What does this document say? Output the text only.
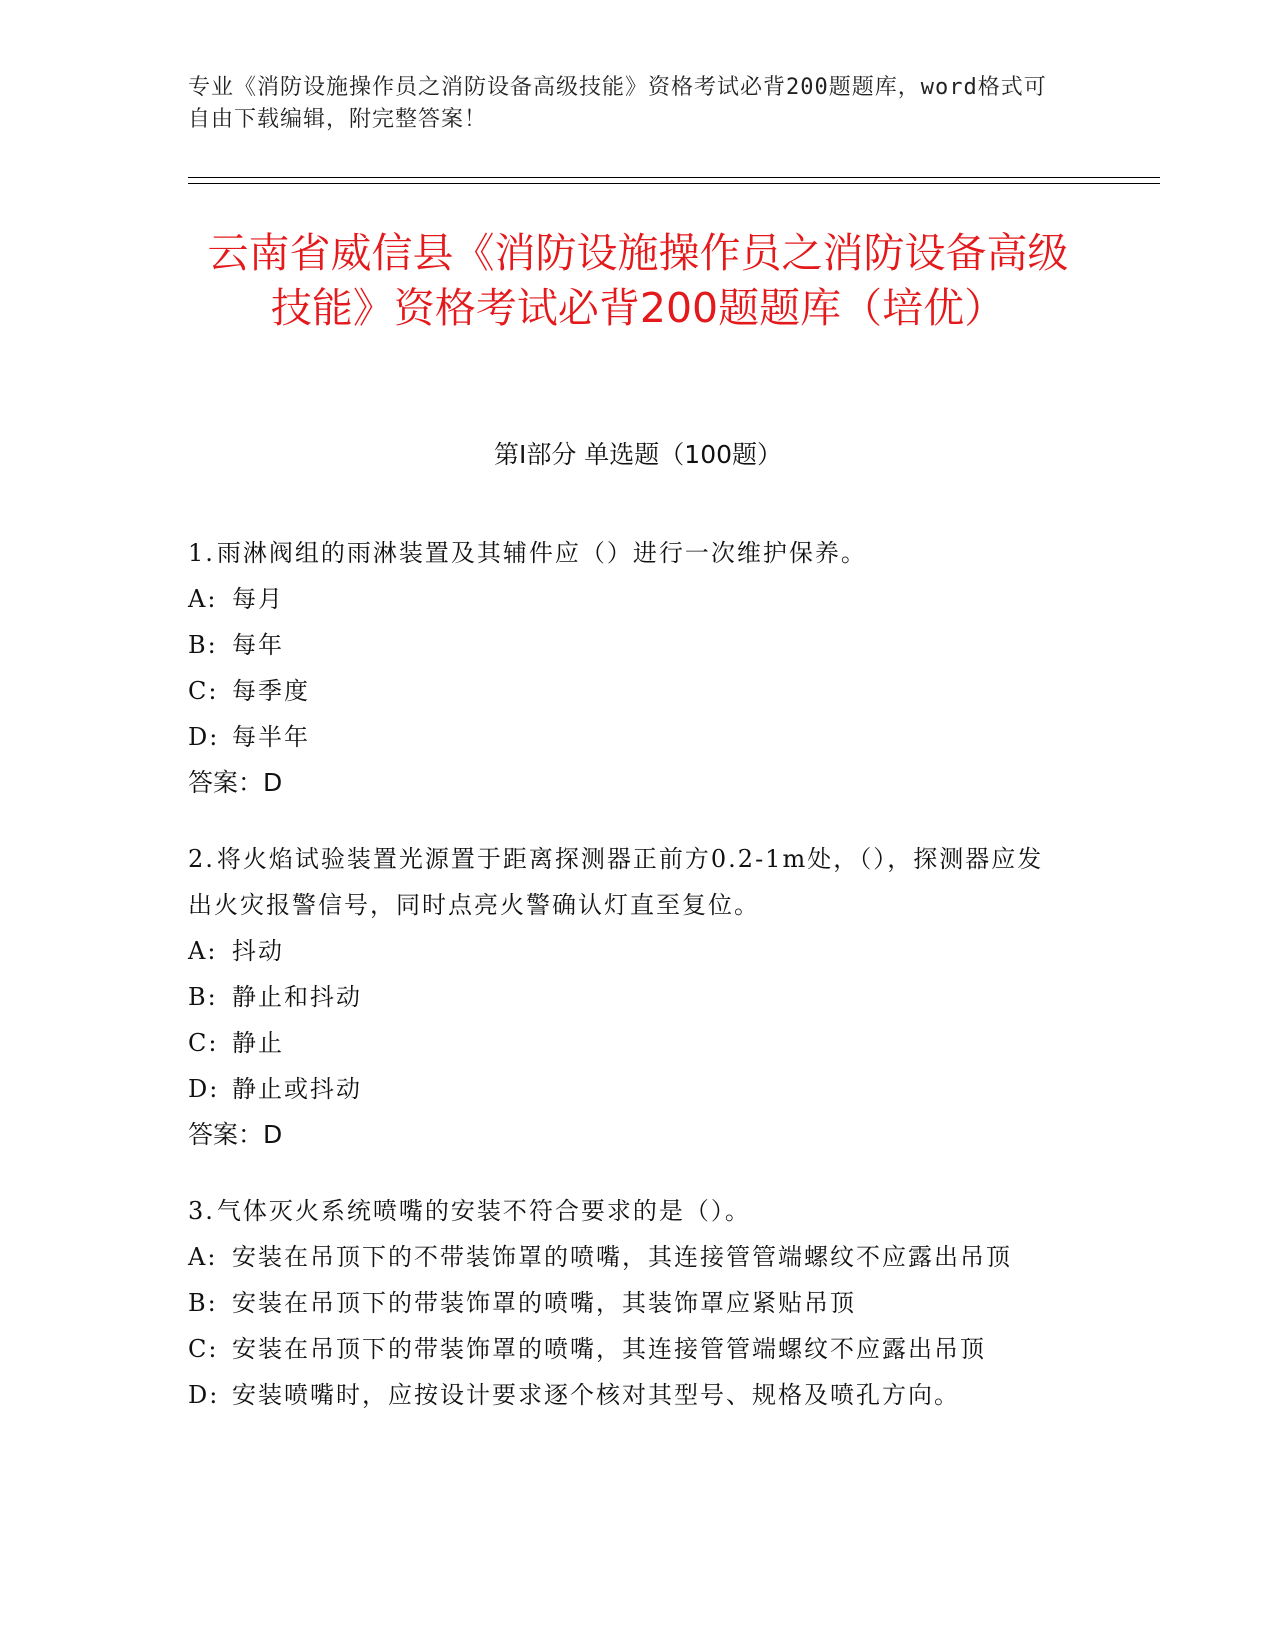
专业《消防设施操作员之消防设备高级技能》资格考试必背200题题库，word格式可自由下载编辑，附完整答案！
云南省威信县《消防设施操作员之消防设备高级技能》资格考试必背200题题库（培优）
第Ⅰ部分 单选题（100题）
1.雨淋阀组的雨淋装置及其辅件应（）进行一次维护保养。
A: 每月
B: 每年
C: 每季度
D: 每半年
答案：D
2.将火焰试验装置光源置于距离探测器正前方0.2-1m处，（），探测器应发出火灾报警信号，同时点亮火警确认灯直至复位。
A: 抖动
B: 静止和抖动
C: 静止
D: 静止或抖动
答案：D
3.气体灭火系统喷嘴的安装不符合要求的是（）。
A: 安装在吊顶下的不带装饰罩的喷嘴，其连接管管端螺纹不应露出吊顶
B: 安装在吊顶下的带装饰罩的喷嘴，其装饰罩应紧贴吊顶
C: 安装在吊顶下的带装饰罩的喷嘴，其连接管管端螺纹不应露出吊顶
D: 安装喷嘴时，应按设计要求逐个核对其型号、规格及喷孔方向。
